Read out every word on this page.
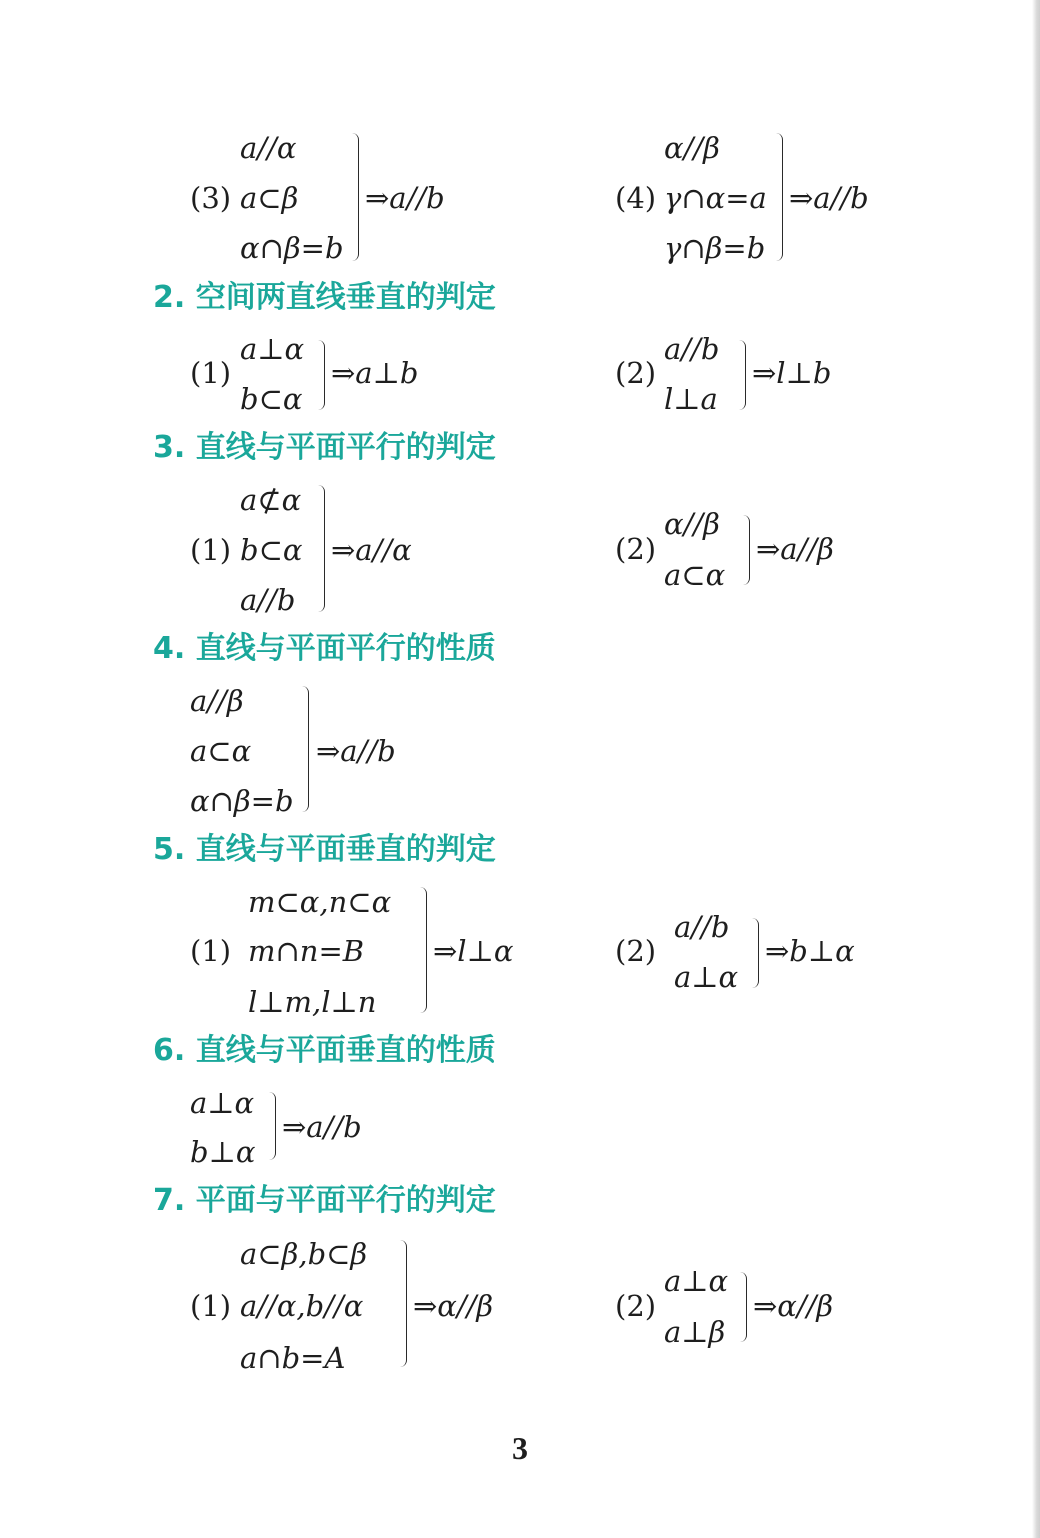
a//α
(3) a⊂β
α∩β=b
⇒a//b
α//β
(4) γ∩α=a
γ∩β=b
⇒a//b
2. 空间两直线垂直的判定
(1)
a⊥α
b⊂α
⇒a⊥b	(2)
a//b
l⊥a
⇒l⊥b
3. 直线与平面平行的判定
a⊄α
(1) b⊂α
a//b
⇒a//α	(2)
α//β
a⊂α
⇒a//β
4. 直线与平面平行的性质
a//β
a⊂α
α∩β=b
⇒a//b
5. 直线与平面垂直的判定
m⊂α,n⊂α
(1) m∩n=B
l⊥m,l⊥n
⇒l⊥α	(2)
a//b
a⊥α
⇒b⊥α
6. 直线与平面垂直的性质
a⊥α
b⊥α
⇒a//b
7. 平面与平面平行的判定
a⊂β,b⊂β
(1) a//α,b//α
a∩b=A
⇒α//β	(2)
a⊥α
a⊥β
⇒α//β
3
